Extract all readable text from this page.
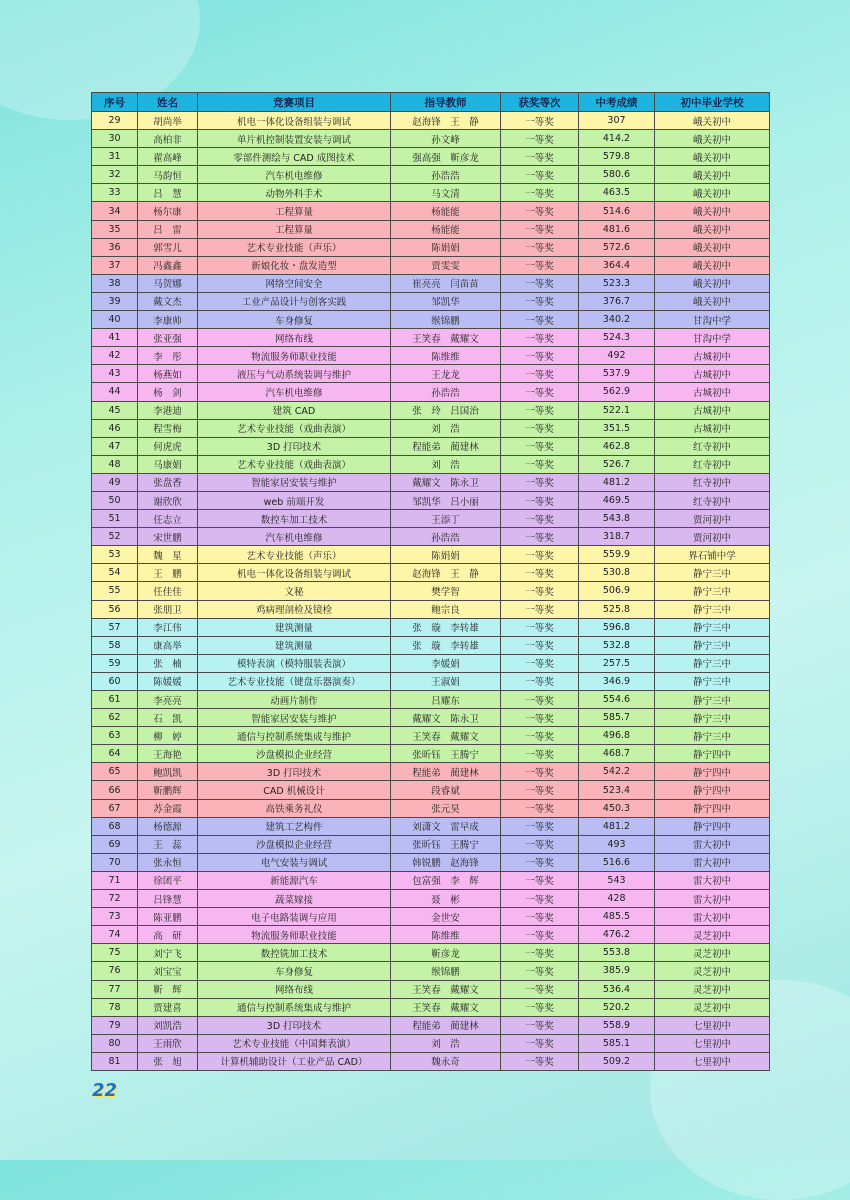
序号	姓名	竞赛项目	指导教师	获奖等次	中考成绩	初中毕业学校
29	胡尚举	机电一体化设备组装与调试	赵海锋　王　静	一等奖	307	峨关初中
30	高柏非	单片机控制装置安装与调试	孙文峰	一等奖	414.2	峨关初中
31	翟高峰	零部件测绘与 CAD 成图技术	强高强　靳彦龙	一等奖	579.8	峨关初中
32	马韵恒	汽车机电维修	孙浩浩	一等奖	580.6	峨关初中
33	吕　慧	动物外科手术	马文清	一等奖	463.5	峨关初中
34	杨尔康	工程算量	杨能能	一等奖	514.6	峨关初中
35	吕　雷	工程算量	杨能能	一等奖	481.6	峨关初中
36	郭雪儿	艺术专业技能（声乐）	陈娟娟	一等奖	572.6	峨关初中
37	冯鑫鑫	新娘化妆・盘发造型	贾雯雯	一等奖	364.4	峨关初中
38	马贺娜	网络空间安全	崔亮亮　闫苗苗	一等奖	523.3	峨关初中
39	戴文杰	工业产品设计与创客实践	邹凯华	一等奖	376.7	峨关初中
40	李康帅	车身修复	缑锦鹏	一等奖	340.2	甘沟中学
41	张亚强	网络布线	王笑春　戴耀文	一等奖	524.3	甘沟中学
42	李　彤	物流服务师职业技能	陈维维	一等奖	492	古城初中
43	杨燕如	液压与气动系统装调与维护	王龙龙	一等奖	537.9	古城初中
44	杨　剑	汽车机电维修	孙浩浩	一等奖	562.9	古城初中
45	李港迪	建筑 CAD	张　玲　吕国治	一等奖	522.1	古城初中
46	程雪梅	艺术专业技能（戏曲表演）	刘　浩	一等奖	351.5	古城初中
47	何虎虎	3D 打印技术	程能弟　蔺建林	一等奖	462.8	红寺初中
48	马康娟	艺术专业技能（戏曲表演）	刘　浩	一等奖	526.7	红寺初中
49	张盘香	智能家居安装与维护	戴耀文　陈永卫	一等奖	481.2	红寺初中
50	谢欣欣	web 前端开发	邹凯华　吕小丽	一等奖	469.5	红寺初中
51	任志立	数控车加工技术	王添丁	一等奖	543.8	贾河初中
52	宋世鹏	汽车机电维修	孙浩浩	一等奖	318.7	贾河初中
53	魏　星	艺术专业技能（声乐）	陈娟娟	一等奖	559.9	界石铺中学
54	王　鹏	机电一体化设备组装与调试	赵海锋　王　静	一等奖	530.8	静宁三中
55	任佳佳	文秘	樊学智	一等奖	506.9	静宁三中
56	张朋卫	鸡病理剖检及镜检	鲍宗良	一等奖	525.8	静宁三中
57	李江伟	建筑测量	张　璇　李转雄	一等奖	596.8	静宁三中
58	康高举	建筑测量	张　璇　李转雄	一等奖	532.8	静宁三中
59	张　楠	模特表演（模特服装表演）	李媛娟	一等奖	257.5	静宁三中
60	陈媛媛	艺术专业技能（键盘乐器演奏）	王淑娟	一等奖	346.9	静宁三中
61	李亮亮	动画片制作	吕耀东	一等奖	554.6	静宁三中
62	石　凯	智能家居安装与维护	戴耀文　陈永卫	一等奖	585.7	静宁三中
63	柳　婷	通信与控制系统集成与维护	王笑春　戴耀文	一等奖	496.8	静宁三中
64	王海艳	沙盘模拟企业经营	张昕钰　王腾宁	一等奖	468.7	静宁四中
65	鲍凯凯	3D 打印技术	程能弟　蔺建林	一等奖	542.2	静宁四中
66	靳鹏辉	CAD 机械设计	段睿斌	一等奖	523.4	静宁四中
67	苏金霞	高铁乘务礼仪	张元昊	一等奖	450.3	静宁四中
68	杨德源	建筑工艺构件	刘潇文　雷早成	一等奖	481.2	静宁四中
69	王　蕊	沙盘模拟企业经营	张昕钰　王腾宁	一等奖	493	雷大初中
70	张永恒	电气安装与调试	韩锐鹏　赵海锋	一等奖	516.6	雷大初中
71	徐团平	新能源汽车	包富强　李　辉	一等奖	543	雷大初中
72	吕锋慧	蔬菜嫁接	聂　彬	一等奖	428	雷大初中
73	陈亚鹏	电子电路装调与应用	金世安	一等奖	485.5	雷大初中
74	高　研	物流服务师职业技能	陈维维	一等奖	476.2	灵芝初中
75	刘宁飞	数控铣加工技术	靳彦龙	一等奖	553.8	灵芝初中
76	刘宝宝	车身修复	缑锦鹏	一等奖	385.9	灵芝初中
77	靳　辉	网络布线	王笑春　戴耀文	一等奖	536.4	灵芝初中
78	贾建喜	通信与控制系统集成与维护	王笑春　戴耀文	一等奖	520.2	灵芝初中
79	刘凯浩	3D 打印技术	程能弟　蔺建林	一等奖	558.9	七里初中
80	王雨欣	艺术专业技能（中国舞表演）	刘　浩	一等奖	585.1	七里初中
81	张　旭	计算机辅助设计（工业产品 CAD）	魏永奇	一等奖	509.2	七里初中
22
